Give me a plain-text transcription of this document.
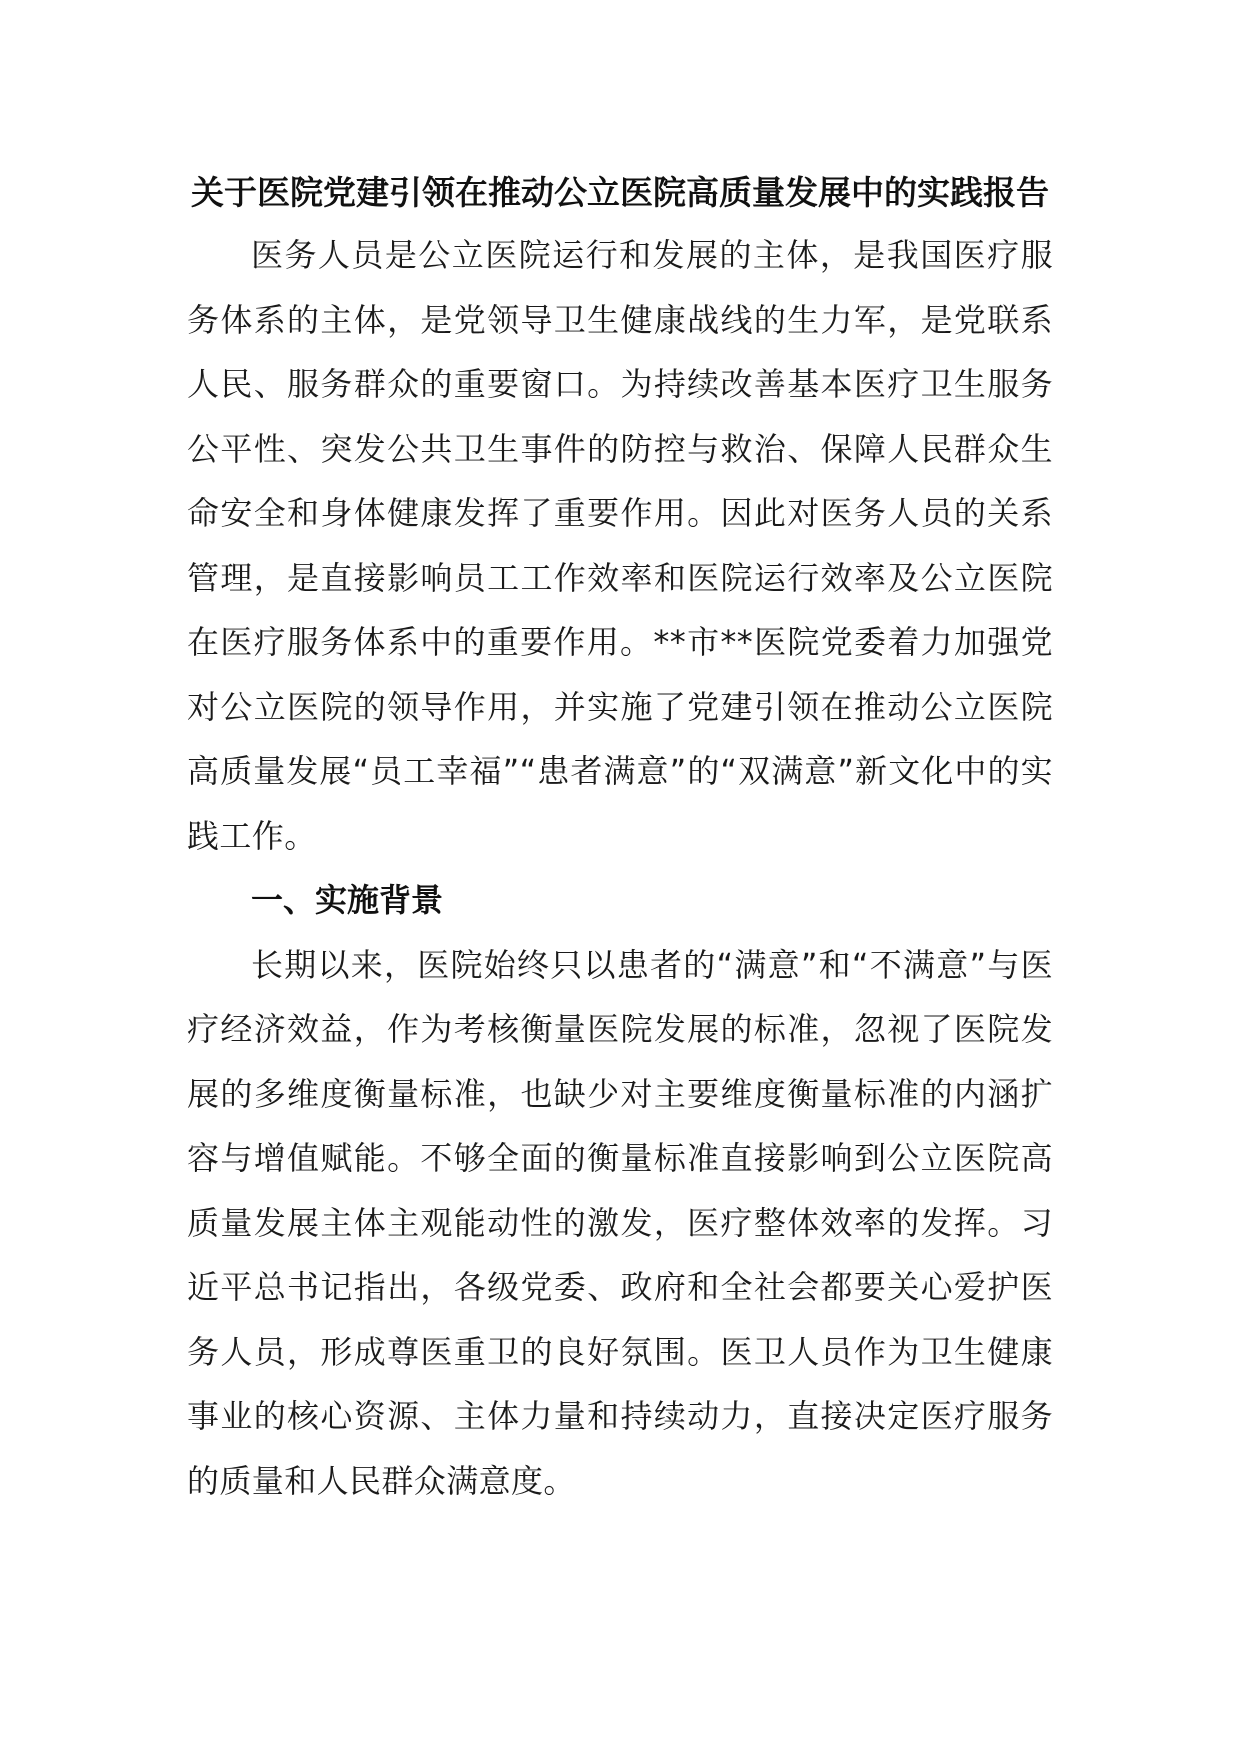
关于医院党建引领在推动公立医院高质量发展中的实践报告

医务人员是公立医院运行和发展的主体，是我国医疗服务体系的主体，是党领导卫生健康战线的生力军，是党联系人民、服务群众的重要窗口。为持续改善基本医疗卫生服务公平性、突发公共卫生事件的防控与救治、保障人民群众生命安全和身体健康发挥了重要作用。因此对医务人员的关系管理，是直接影响员工工作效率和医院运行效率及公立医院在医疗服务体系中的重要作用。**市**医院党委着力加强党对公立医院的领导作用，并实施了党建引领在推动公立医院高质量发展“员工幸福”“患者满意”的“双满意”新文化中的实践工作。

一、实施背景

长期以来，医院始终只以患者的“满意”和“不满意”与医疗经济效益，作为考核衡量医院发展的标准，忽视了医院发展的多维度衡量标准，也缺少对主要维度衡量标准的内涵扩容与增值赋能。不够全面的衡量标准直接影响到公立医院高质量发展主体主观能动性的激发，医疗整体效率的发挥。习近平总书记指出，各级党委、政府和全社会都要关心爱护医务人员，形成尊医重卫的良好氛围。医卫人员作为卫生健康事业的核心资源、主体力量和持续动力，直接决定医疗服务的质量和人民群众满意度。
